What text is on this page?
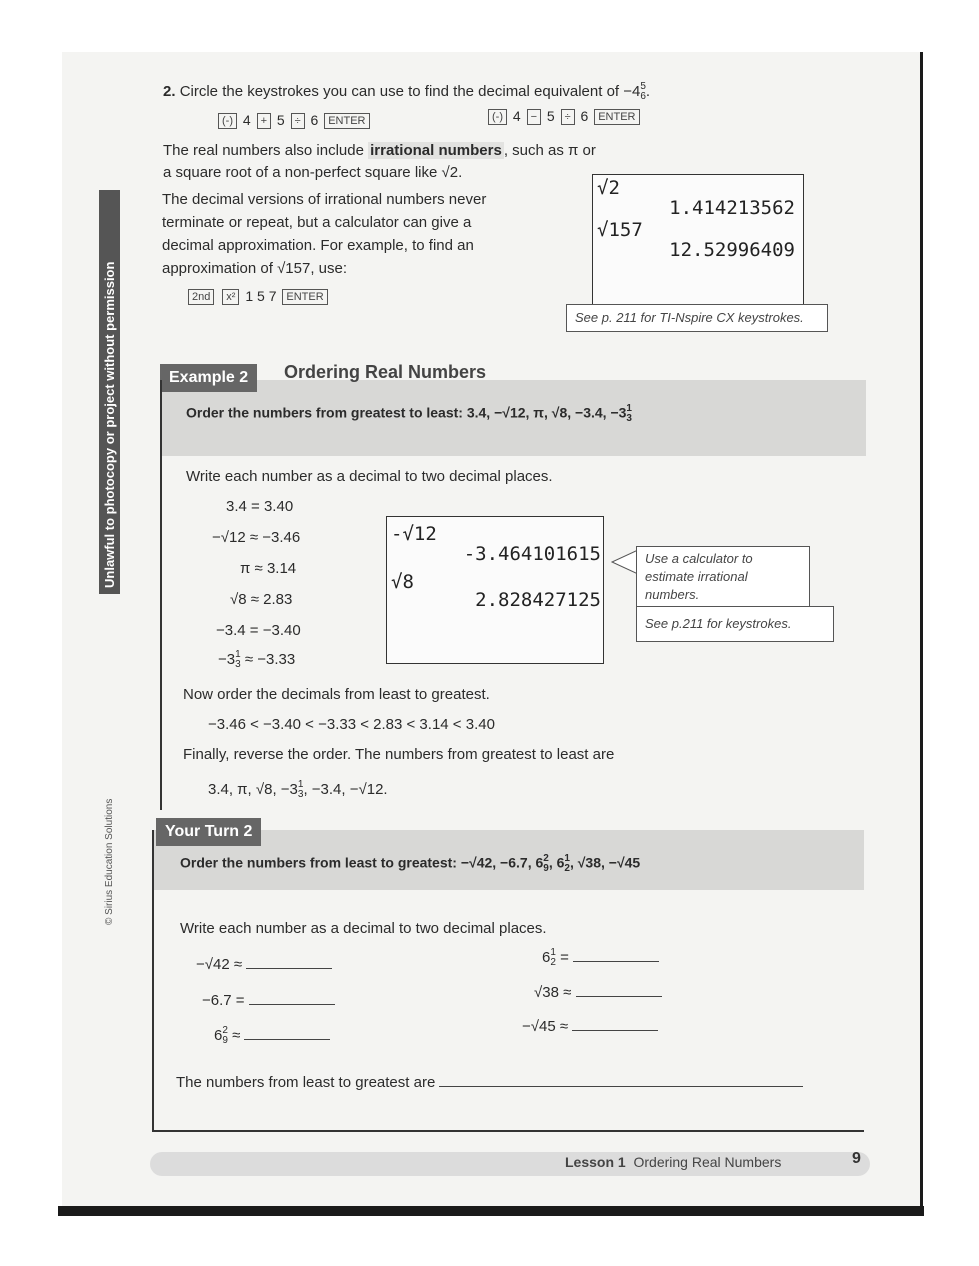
Unlawful to photocopy or project without permission
© Sirius Education Solutions
2. Circle the keystrokes you can use to find the decimal equivalent of −4 5
6 .
(-) 4 + 5 ÷ 6 ENTER	(-) 4 − 5 ÷ 6 ENTER
The real numbers also include irrational numbers , such as π or
a square root of a non-perfect square like √2.
The decimal versions of irrational numbers never
terminate or repeat, but a calculator can give a
decimal approximation. For example, to find an
approximation of √157, use:
2nd x² 1 5 7 ENTER
√2
1.414213562
√157
12.52996409
See p. 211 for TI-Nspire CX keystrokes.
Example 2	Ordering Real Numbers
Order the numbers from greatest to least: 3.4, −√12, π, √8, −3.4, −3 1
3
Write each number as a decimal to two decimal places.
3.4 = 3.40
−√12 ≈ −3.46
π ≈ 3.14
√8 ≈ 2.83
−3.4 = −3.40
−3 1
3 ≈ −3.33
-√12
-3.464101615
√8
2.828427125
Use a calculator to estimate irrational numbers.
See p.211 for keystrokes.
Now order the decimals from least to greatest.
−3.46 < −3.40 < −3.33 < 2.83 < 3.14 < 3.40
Finally, reverse the order. The numbers from greatest to least are
3.4, π, √8, −3 1
3 , −3.4, −√12.
Your Turn 2
Order the numbers from least to greatest: −√42, −6.7, 6 2
9 , 6 1
2 , √38, −√45
Write each number as a decimal to two decimal places.
−√42 ≈
−6.7 =
6 2
9 ≈
6 1
2 =
√38 ≈
−√45 ≈
The numbers from least to greatest are
Lesson 1 Ordering Real Numbers	9
